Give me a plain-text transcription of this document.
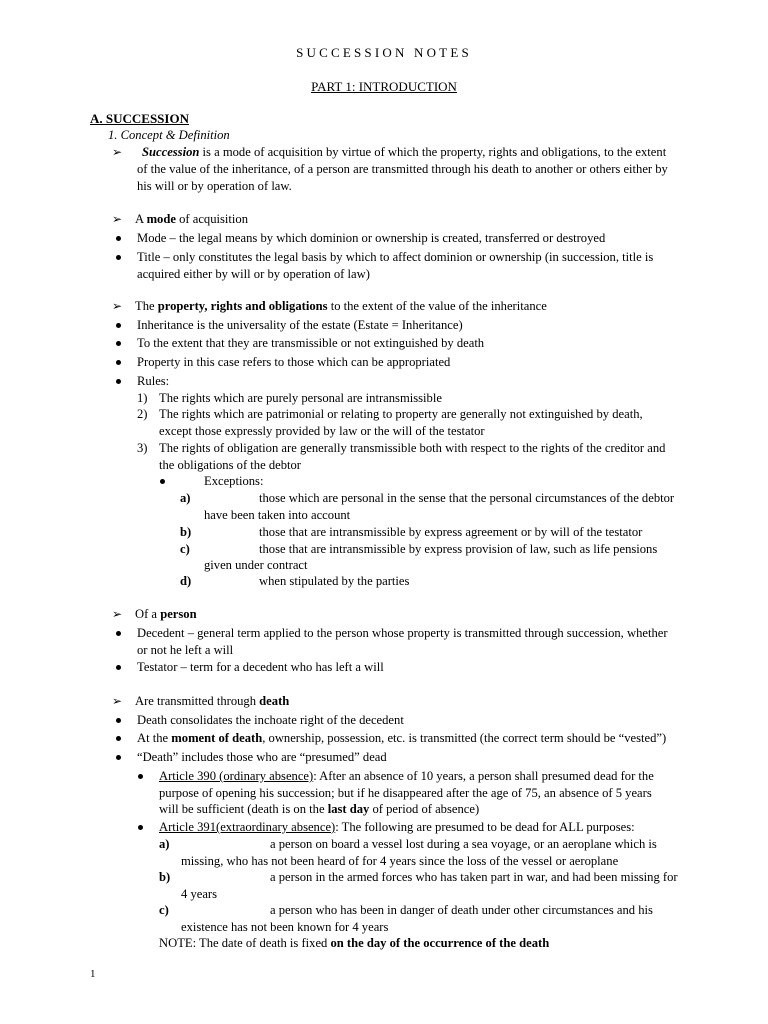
SUCCESSION NOTES
PART 1: INTRODUCTION
A. SUCCESSION
1. Concept & Definition
➢ Succession is a mode of acquisition by virtue of which the property, rights and obligations, to the extent
of the value of the inheritance, of a person are transmitted through his death to another or others either by
his will or by operation of law.
➢ A mode of acquisition
Mode – the legal means by which dominion or ownership is created, transferred or destroyed
Title – only constitutes the legal basis by which to affect dominion or ownership (in succession, title is
acquired either by will or by operation of law)
➢ The property, rights and obligations to the extent of the value of the inheritance
Inheritance is the universality of the estate (Estate = Inheritance)
To the extent that they are transmissible or not extinguished by death
Property in this case refers to those which can be appropriated
Rules:
1) The rights which are purely personal are intransmissible
2) The rights which are patrimonial or relating to property are generally not extinguished by death,
except those expressly provided by law or the will of the testator
3) The rights of obligation are generally transmissible both with respect to the rights of the creditor and
the obligations of the debtor
Exceptions:
a)	those which are personal in the sense that the personal circumstances of the debtor
have been taken into account
b)	those that are intransmissible by express agreement or by will of the testator
c)	those that are intransmissible by express provision of law, such as life pensions
given under contract
d)	when stipulated by the parties
➢ Of a person
Decedent – general term applied to the person whose property is transmitted through succession, whether
or not he left a will
Testator – term for a decedent who has left a will
➢ Are transmitted through death
Death consolidates the inchoate right of the decedent
At the moment of death, ownership, possession, etc. is transmitted (the correct term should be “vested”)
“Death” includes those who are “presumed” dead
Article 390 (ordinary absence): After an absence of 10 years, a person shall presumed dead for the
purpose of opening his succession; but if he disappeared after the age of 75, an absence of 5 years
will be sufficient (death is on the last day of period of absence)
Article 391(extraordinary absence): The following are presumed to be dead for ALL purposes:
a)	a person on board a vessel lost during a sea voyage, or an aeroplane which is
missing, who has not been heard of for 4 years since the loss of the vessel or aeroplane
b)	a person in the armed forces who has taken part in war, and had been missing for
4 years
c)	a person who has been in danger of death under other circumstances and his
existence has not been known for 4 years
NOTE: The date of death is fixed on the day of the occurrence of the death
1
